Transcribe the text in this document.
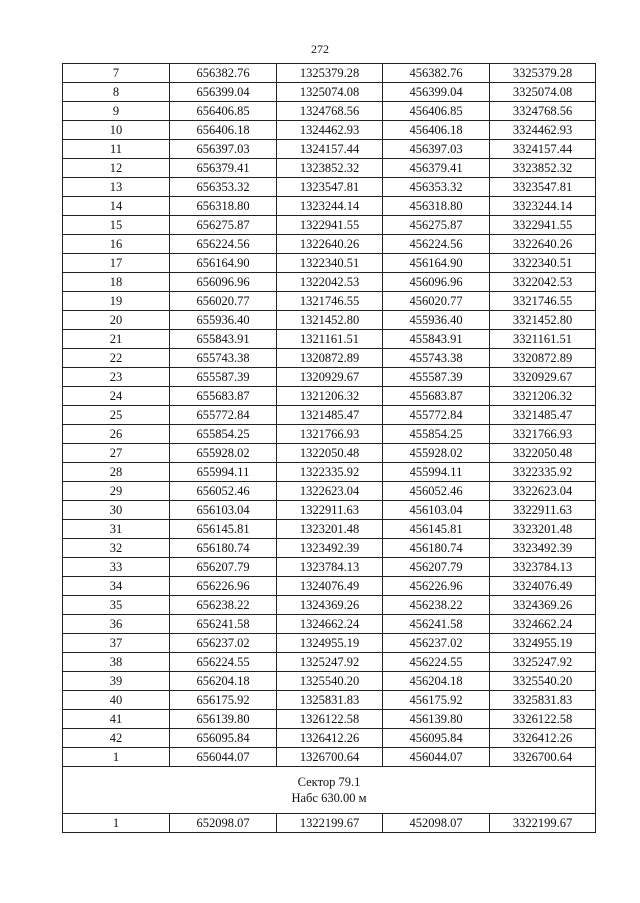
272
7	656382.76	1325379.28	456382.76	3325379.28
8	656399.04	1325074.08	456399.04	3325074.08
9	656406.85	1324768.56	456406.85	3324768.56
10	656406.18	1324462.93	456406.18	3324462.93
11	656397.03	1324157.44	456397.03	3324157.44
12	656379.41	1323852.32	456379.41	3323852.32
13	656353.32	1323547.81	456353.32	3323547.81
14	656318.80	1323244.14	456318.80	3323244.14
15	656275.87	1322941.55	456275.87	3322941.55
16	656224.56	1322640.26	456224.56	3322640.26
17	656164.90	1322340.51	456164.90	3322340.51
18	656096.96	1322042.53	456096.96	3322042.53
19	656020.77	1321746.55	456020.77	3321746.55
20	655936.40	1321452.80	455936.40	3321452.80
21	655843.91	1321161.51	455843.91	3321161.51
22	655743.38	1320872.89	455743.38	3320872.89
23	655587.39	1320929.67	455587.39	3320929.67
24	655683.87	1321206.32	455683.87	3321206.32
25	655772.84	1321485.47	455772.84	3321485.47
26	655854.25	1321766.93	455854.25	3321766.93
27	655928.02	1322050.48	455928.02	3322050.48
28	655994.11	1322335.92	455994.11	3322335.92
29	656052.46	1322623.04	456052.46	3322623.04
30	656103.04	1322911.63	456103.04	3322911.63
31	656145.81	1323201.48	456145.81	3323201.48
32	656180.74	1323492.39	456180.74	3323492.39
33	656207.79	1323784.13	456207.79	3323784.13
34	656226.96	1324076.49	456226.96	3324076.49
35	656238.22	1324369.26	456238.22	3324369.26
36	656241.58	1324662.24	456241.58	3324662.24
37	656237.02	1324955.19	456237.02	3324955.19
38	656224.55	1325247.92	456224.55	3325247.92
39	656204.18	1325540.20	456204.18	3325540.20
40	656175.92	1325831.83	456175.92	3325831.83
41	656139.80	1326122.58	456139.80	3326122.58
42	656095.84	1326412.26	456095.84	3326412.26
1	656044.07	1326700.64	456044.07	3326700.64

Сектор 79.1
Набс 630.00 м				

1	652098.07	1322199.67	452098.07	3322199.67
